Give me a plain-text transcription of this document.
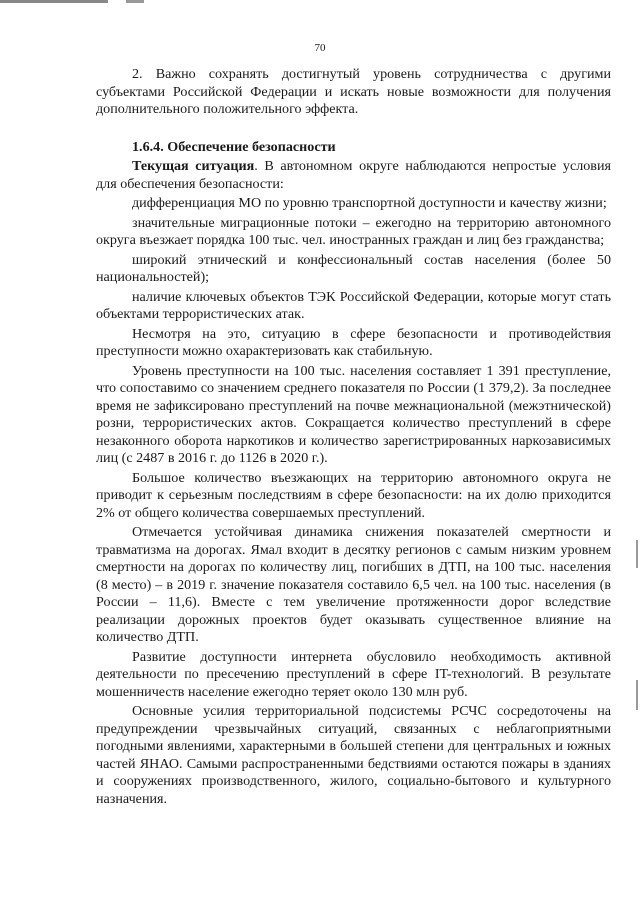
70

2. Важно сохранять достигнутый уровень сотрудничества с другими субъектами Российской Федерации и искать новые возможности для получения дополнительного положительного эффекта.

1.6.4. Обеспечение безопасности

Текущая ситуация. В автономном округе наблюдаются непростые условия для обеспечения безопасности:

дифференциация МО по уровню транспортной доступности и качеству жизни;

значительные миграционные потоки – ежегодно на территорию автономного округа въезжает порядка 100 тыс. чел. иностранных граждан и лиц без гражданства;

широкий этнический и конфессиональный состав населения (более 50 национальностей);

наличие ключевых объектов ТЭК Российской Федерации, которые могут стать объектами террористических атак.

Несмотря на это, ситуацию в сфере безопасности и противодействия преступности можно охарактеризовать как стабильную.

Уровень преступности на 100 тыс. населения составляет 1 391 преступление, что сопоставимо со значением среднего показателя по России (1 379,2). За последнее время не зафиксировано преступлений на почве межнациональной (межэтнической) розни, террористических актов. Сокращается количество преступлений в сфере незаконного оборота наркотиков и количество зарегистрированных наркозависимых лиц (с 2487 в 2016 г. до 1126 в 2020 г.).

Большое количество въезжающих на территорию автономного округа не приводит к серьезным последствиям в сфере безопасности: на их долю приходится 2% от общего количества совершаемых преступлений.

Отмечается устойчивая динамика снижения показателей смертности и травматизма на дорогах. Ямал входит в десятку регионов с самым низким уровнем смертности на дорогах по количеству лиц, погибших в ДТП, на 100 тыс. населения (8 место) – в 2019 г. значение показателя составило 6,5 чел. на 100 тыс. населения (в России – 11,6). Вместе с тем увеличение протяженности дорог вследствие реализации дорожных проектов будет оказывать существенное влияние на количество ДТП.

Развитие доступности интернета обусловило необходимость активной деятельности по пресечению преступлений в сфере IT-технологий. В результате мошенничеств население ежегодно теряет около 130 млн руб.

Основные усилия территориальной подсистемы РСЧС сосредоточены на предупреждении чрезвычайных ситуаций, связанных с неблагоприятными погодными явлениями, характерными в большей степени для центральных и южных частей ЯНАО. Самыми распространенными бедствиями остаются пожары в зданиях и сооружениях производственного, жилого, социально-бытового и культурного назначения.
